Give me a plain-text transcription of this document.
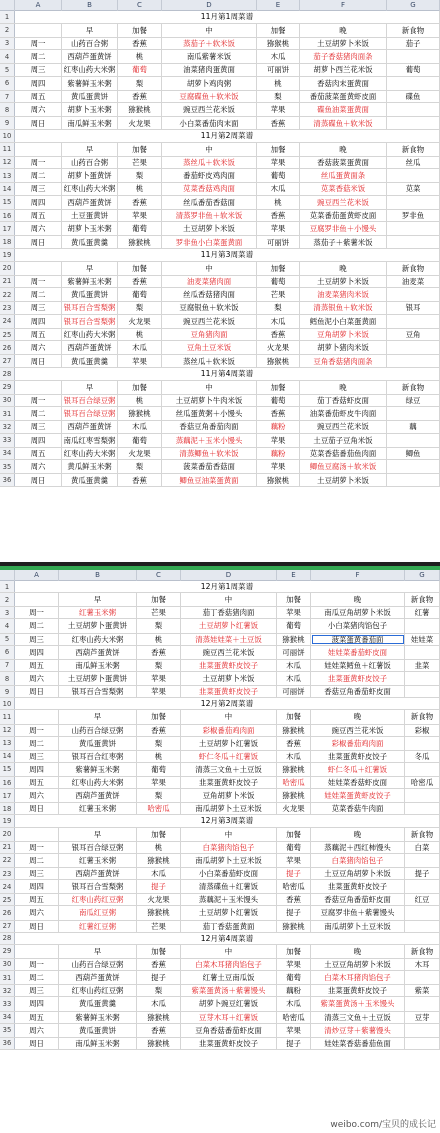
A	B	C	D	E	F	G
1	11月第1周菜谱
2	早	加餐	中	加餐	晚	新食物
3	周一	山药百合粥	香蕉	蒸茄子＋软米饭	猕猴桃	土豆胡萝卜米饭	茄子
4	周二	西葫芦蛋黄饼	桃	南瓜紫薯米饭	木瓜	茄子香菇猪肉面条
5	周三	红枣山药大米粥	葡萄	油菜猪肉蛋黄面	可丽饼	胡萝卜西兰花米饭	葡萄
6	周四	紫薯鲜玉米粥	梨	胡萝卜鸡肉粥	桃	香菇肉末蛋黄面
7	周五	黄瓜蛋黄饼	香蕉	豆腐碟鱼＋软米饭	梨	番茄菠菜蛋黄虾皮面	碟鱼
8	周六	胡萝卜玉米粥	猕猴桃	豌豆西兰花米饭	苹果	碟鱼油菜蛋黄面
9	周日	南瓜鲜玉米粥	火龙果	小白菜番茄肉末面	香蕉	清蒸碟鱼＋软米饭
10	11月第2周菜谱
11	早	加餐	中	加餐	晚	新食物
12	周一	山药百合粥	芒果	蒸丝瓜＋软米饭	苹果	香菇菠菜蛋黄面	丝瓜
13	周二	胡萝卜蛋黄饼	梨	番茄虾皮鸡肉面	葡萄	丝瓜蛋黄面条
14	周三	红枣山药大米粥	桃	苋菜香菇鸡肉面	木瓜	苋菜香菇米饭	苋菜
15	周四	西葫芦蛋黄饼	香蕉	丝瓜番茄香菇面	桃	豌豆西兰花米饭
16	周五	土豆蛋黄饼	苹果	清蒸罗非鱼＋软米饭	香蕉	苋菜番茄蛋黄虾皮面	罗非鱼
17	周六	胡萝卜玉米粥	葡萄	土豆胡萝卜米饭	苹果	豆腐罗非鱼＋小馒头
18	周日	黄瓜蛋黄羹	猕猴桃	罗非鱼小白菜蛋黄面	可丽饼	蒸茄子＋紫薯米饭
19	11月第3周菜谱
20	早	加餐	中	加餐	晚	新食物
21	周一	紫薯鲜玉米粥	香蕉	油麦菜猪肉面	葡萄	土豆胡萝卜米饭	油麦菜
22	周二	黄瓜蛋黄饼	葡萄	丝瓜香菇猪肉面	芒果	油麦菜猪肉米饭
23	周三	银耳百合雪梨粥	梨	豆腐银鱼＋软米饭	梨	清蒸银鱼＋软米饭	银耳
24	周四	银耳百合雪梨粥	火龙果	豌豆西兰花米饭	木瓜	鳕鱼泥小白菜蛋黄面
25	周五	红枣山药大米粥	桃	豆角猪肉面	香蕉	豆角胡萝卜米饭	豆角
26	周六	西葫芦蛋黄饼	木瓜	豆角土豆米饭	火龙果	胡萝卜猪肉米饭
27	周日	黄瓜蛋黄羹	苹果	蒸丝瓜＋软米饭	猕猴桃	豆角香菇猪肉面条
28	11月第4周菜谱
29	早	加餐	中	加餐	晚	新食物
30	周一	银耳百合绿豆粥	桃	土豆胡萝卜牛肉米饭	葡萄	茄丁香菇虾皮面	绿豆
31	周二	银耳百合绿豆粥	猕猴桃	丝瓜蛋黄粥＋小馒头	香蕉	油菜番茄虾皮牛肉面
32	周三	西葫芦蛋黄饼	木瓜	香菇豆角番茄肉面	藕粉	豌豆西兰花米饭	藕
33	周四	南瓜红枣雪梨粥	葡萄	蒸藕泥＋玉米小馒头	苹果	土豆茄子豆角米饭
34	周五	红枣山药大米粥	火龙果	清蒸鲫鱼＋软米饭	藕粉	苋菜香菇番茄鱼肉面	鲫鱼
35	周六	黄瓜鲜玉米粥	梨	菠菜番茄香菇面	苹果	鲫鱼豆腐汤＋软米饭
36	周日	黄瓜蛋黄羹	香蕉	鲫鱼豆油菜蛋黄面	猕猴桃	土豆胡萝卜米饭
A	B	C	D	E	F	G
1	12月第1周菜谱
2	早	加餐	中	加餐	晚	新食物
3	周一	红薯玉米粥	芒果	茄丁香菇猪肉面	苹果	南瓜豆角胡萝卜米饭	红薯
4	周二	土豆胡萝卜蛋黄饼	梨	土豆胡萝卜红薯饭	葡萄	小白菜猪肉馅包子
5	周三	红枣山药大米粥	桃	清蒸娃娃菜＋土豆饭	猕猴桃	菠菜蛋黄番茄面	娃娃菜
6	周四	西葫芦蛋黄饼	香蕉	豌豆西兰花米饭	可丽饼	娃娃菜番茄虾皮面
7	周五	南瓜鲜玉米粥	梨	韭菜蛋黄虾皮饺子	木瓜	娃娃菜鳕鱼＋红薯饭	韭菜
8	周六	土豆胡萝卜蛋黄饼	苹果	土豆胡萝卜米饭	木瓜	韭菜蛋黄虾皮饺子
9	周日	银耳百合雪梨粥	苹果	韭菜蛋黄虾皮饺子	可丽饼	香菇豆角番茄虾皮面
10	12月第2周菜谱
11	早	加餐	中	加餐	晚	新食物
12	周一	山药百合绿豆粥	香蕉	彩椒番茄鸡肉面	猕猴桃	豌豆西兰花米饭	彩椒
13	周二	黄瓜蛋黄饼	梨	土豆胡萝卜红薯饭	香蕉	彩椒番茄鸡肉面
14	周三	银耳百合红枣粥	桃	虾仁冬瓜＋红薯饭	木瓜	韭菜蛋黄虾皮饺子	冬瓜
15	周四	紫薯鲜玉米粥	葡萄	清蒸三文鱼＋土豆饭	猕猴桃	虾仁冬瓜＋红薯饭
16	周五	红枣山药大米粥	苹果	韭菜蛋黄虾皮饺子	哈密瓜	娃娃菜香菇虾皮面	哈密瓜
17	周六	西葫芦蛋黄饼	梨	豆角胡萝卜米饭	猕猴桃	娃娃菜蛋黄虾皮饺子
18	周日	红薯玉米粥	哈密瓜	南瓜胡萝卜土豆米饭	火龙果	苋菜香菇牛肉面
19	12月第3周菜谱
20	早	加餐	中	加餐	晚	新食物
21	周一	银耳百合绿豆粥	桃	白菜猪肉馅包子	葡萄	蒸藕泥＋西红柿馒头	白菜
22	周二	红薯玉米粥	猕猴桃	南瓜胡萝卜土豆米饭	苹果	白菜猪肉馅包子
23	周三	西葫芦蛋黄饼	木瓜	小白菜番茄虾皮面	提子	土豆豆角胡萝卜米饭	提子
24	周四	银耳百合雪梨粥	提子	清蒸碟鱼＋红薯饭	哈密瓜	韭菜蛋黄虾皮饺子
25	周五	红枣山药红豆粥	火龙果	蒸藕泥＋玉米馒头	香蕉	香菇豆角番茄虾皮面	红豆
26	周六	南瓜红豆粥	猕猴桃	土豆胡萝卜红薯饭	提子	豆腐罗非鱼＋紫薯馒头
27	周日	红薯红豆粥	芒果	茄丁香菇蛋黄面	猕猴桃	南瓜胡萝卜土豆米饭
28	12月第4周菜谱
29	早	加餐	中	加餐	晚	新食物
30	周一	山药百合绿豆粥	香蕉	白菜木耳猪肉馅包子	苹果	土豆豆角胡萝卜米饭	木耳
31	周二	西葫芦蛋黄饼	提子	红薯土豆南瓜饭	葡萄	白菜木耳猪肉馅包子
32	周三	红枣山药红豆粥	梨	紫菜蛋黄汤＋紫薯馒头	藕粉	韭菜蛋黄虾皮饺子	紫菜
33	周四	黄瓜蛋黄羹	木瓜	胡萝卜豌豆红薯饭	木瓜	紫菜蛋黄汤＋玉米馒头
34	周五	紫薯鲜玉米粥	猕猴桃	豆芽木耳＋红薯饭	哈密瓜	清蒸三文鱼＋土豆饭	豆芽
35	周六	黄瓜蛋黄饼	香蕉	豆角香菇番茄虾皮面	苹果	清炒豆芽＋紫薯馒头
36	周日	南瓜鲜玉米粥	猕猴桃	韭菜蛋黄虾皮饺子	提子	娃娃菜香菇番茄鱼面
weibo.com/宝贝的成长记
